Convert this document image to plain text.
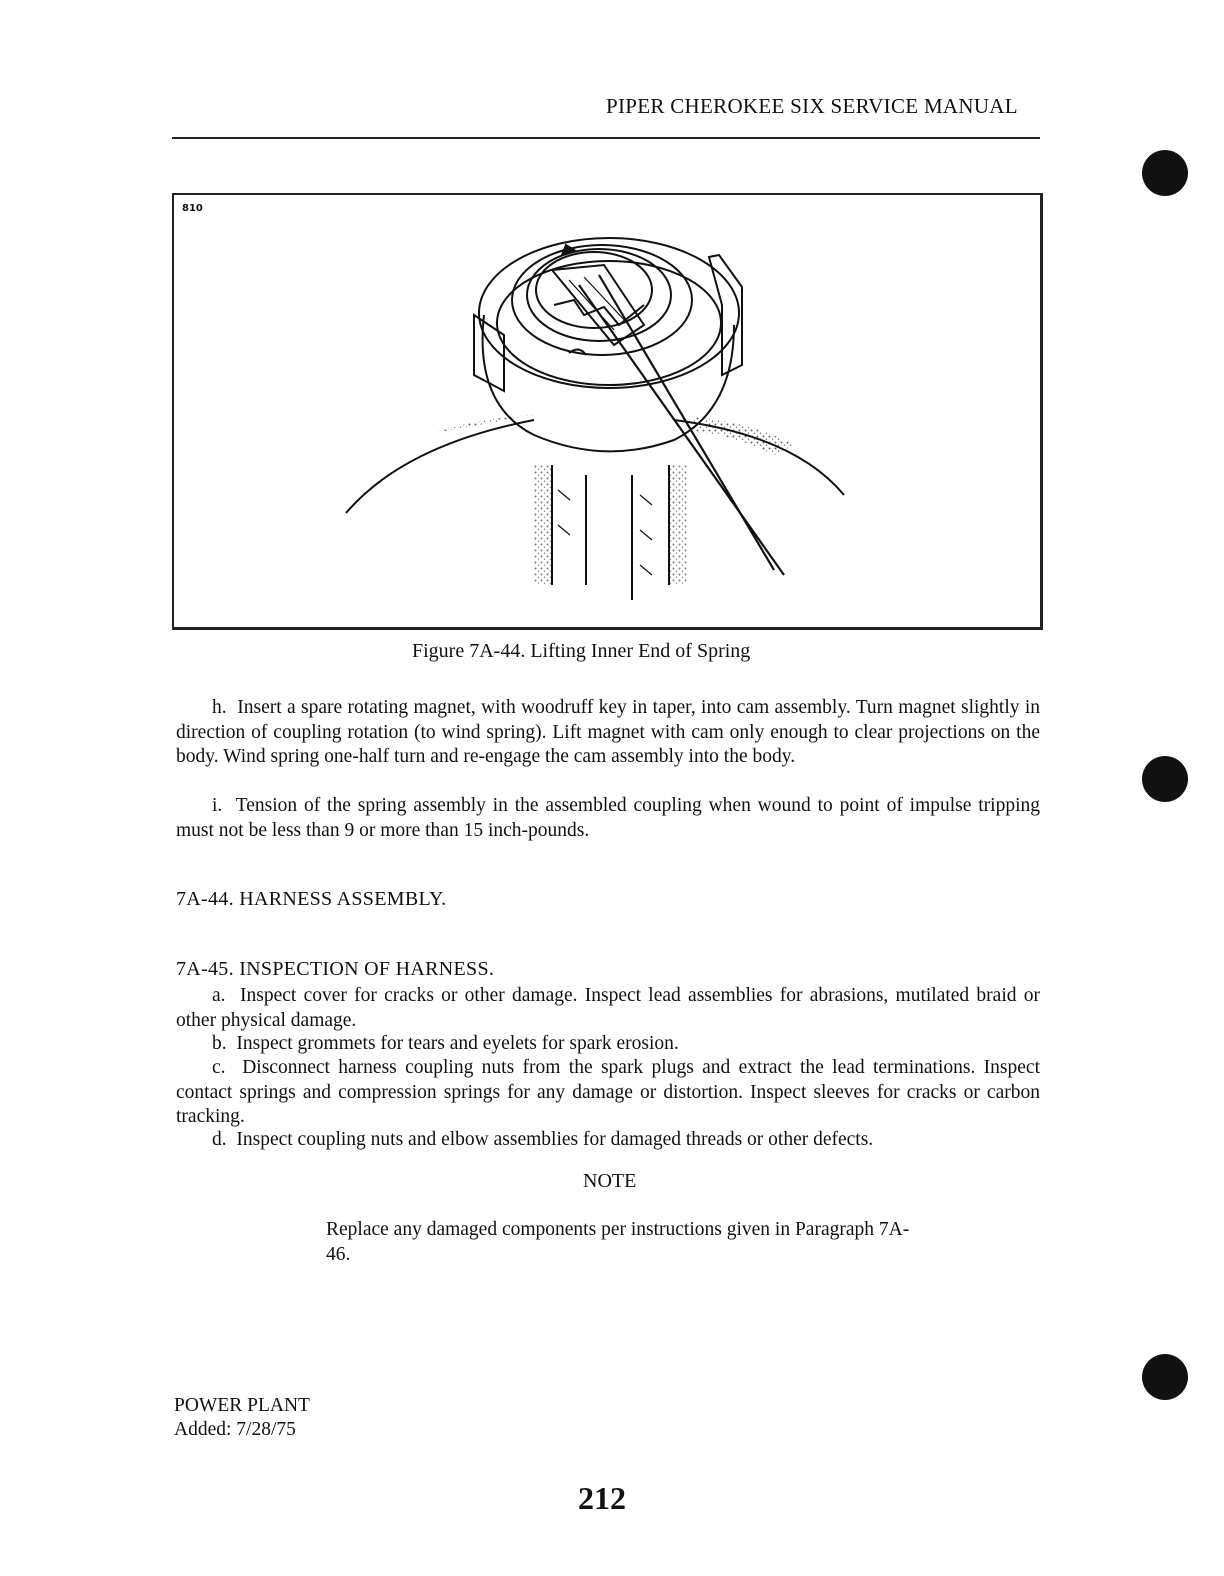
PIPER CHEROKEE SIX SERVICE MANUAL
810
Figure 7A-44. Lifting Inner End of Spring
h. Insert a spare rotating magnet, with woodruff key in taper, into cam assembly. Turn magnet slightly in direction of coupling rotation (to wind spring). Lift magnet with cam only enough to clear projections on the body. Wind spring one-half turn and re-engage the cam assembly into the body.
i. Tension of the spring assembly in the assembled coupling when wound to point of impulse tripping must not be less than 9 or more than 15 inch-pounds.
7A-44. HARNESS ASSEMBLY.
7A-45. INSPECTION OF HARNESS.
a. Inspect cover for cracks or other damage. Inspect lead assemblies for abrasions, mutilated braid or other physical damage.
b. Inspect grommets for tears and eyelets for spark erosion.
c. Disconnect harness coupling nuts from the spark plugs and extract the lead terminations. Inspect contact springs and compression springs for any damage or distortion. Inspect sleeves for cracks or carbon tracking.
d. Inspect coupling nuts and elbow assemblies for damaged threads or other defects.
NOTE
Replace any damaged components per instructions given in Paragraph 7A-46.
POWER PLANT
Added: 7/28/75
212
